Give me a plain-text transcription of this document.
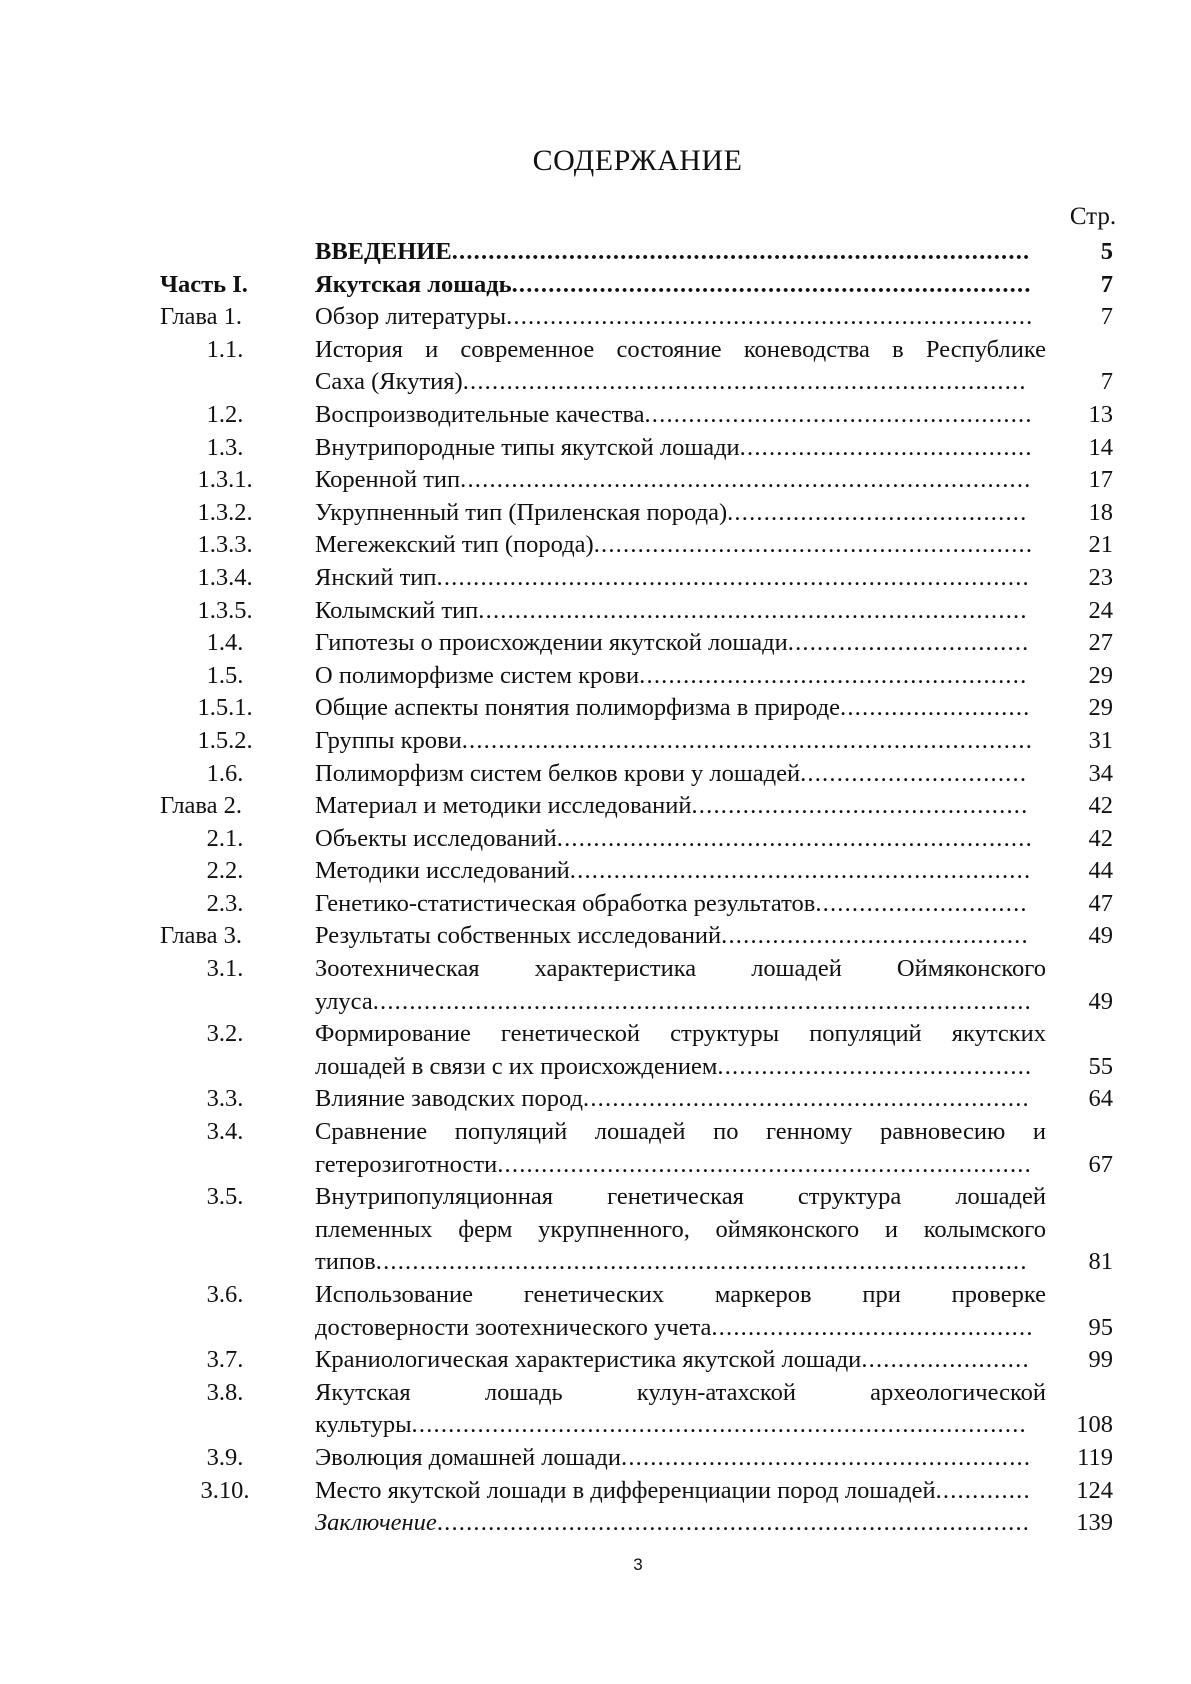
СОДЕРЖАНИЕ
Стр.
ВВЕДЕНИЕ...............................................................................	5
Часть I.	Якутская лошадь.......................................................................	7
Глава 1.	Обзор литературы........................................................................	7
1.1.	История и современное состояние коневодства в Республике
Саха (Якутия).............................................................................	7
1.2.	Воспроизводительные качества.....................................................	13
1.3.	Внутрипородные типы якутской лошади........................................	14
1.3.1.	Коренной тип..............................................................................	17
1.3.2.	Укрупненный тип (Приленская порода).........................................	18
1.3.3.	Мегежекский тип (порода)............................................................	21
1.3.4.	Янский тип.................................................................................	23
1.3.5.	Колымский тип...........................................................................	24
1.4.	Гипотезы о происхождении якутской лошади.................................	27
1.5.	О полиморфизме систем крови.....................................................	29
1.5.1.	Общие аспекты понятия полиморфизма в природе..........................	29
1.5.2.	Группы крови..............................................................................	31
1.6.	Полиморфизм систем белков крови у лошадей...............................	34
Глава 2.	Материал и методики исследований..............................................	42
2.1.	Объекты исследований.................................................................	42
2.2.	Методики исследований...............................................................	44
2.3.	Генетико-статистическая обработка результатов.............................	47
Глава 3.	Результаты собственных исследований..........................................	49
3.1.	Зоотехническая характеристика лошадей Оймяконского
улуса..........................................................................................	49
3.2.	Формирование генетической структуры популяций якутских
лошадей в связи с их происхождением...........................................	55
3.3.	Влияние заводских пород.............................................................	64
3.4.	Сравнение популяций лошадей по генному равновесию и
гетерозиготности.........................................................................	67
3.5.	Внутрипопуляционная генетическая структура лошадей
племенных ферм укрупненного, оймяконского и колымского
типов.........................................................................................	81
3.6.	Использование генетических маркеров при проверке
достоверности зоотехнического учета............................................	95
3.7.	Краниологическая характеристика якутской лошади.......................	99
3.8.	Якутская лошадь кулун-атахской археологической
культуры....................................................................................	108
3.9.	Эволюция домашней лошади........................................................	119
3.10.	Место якутской лошади в дифференциации пород лошадей.............	124
Заключение.................................................................................	139
3
